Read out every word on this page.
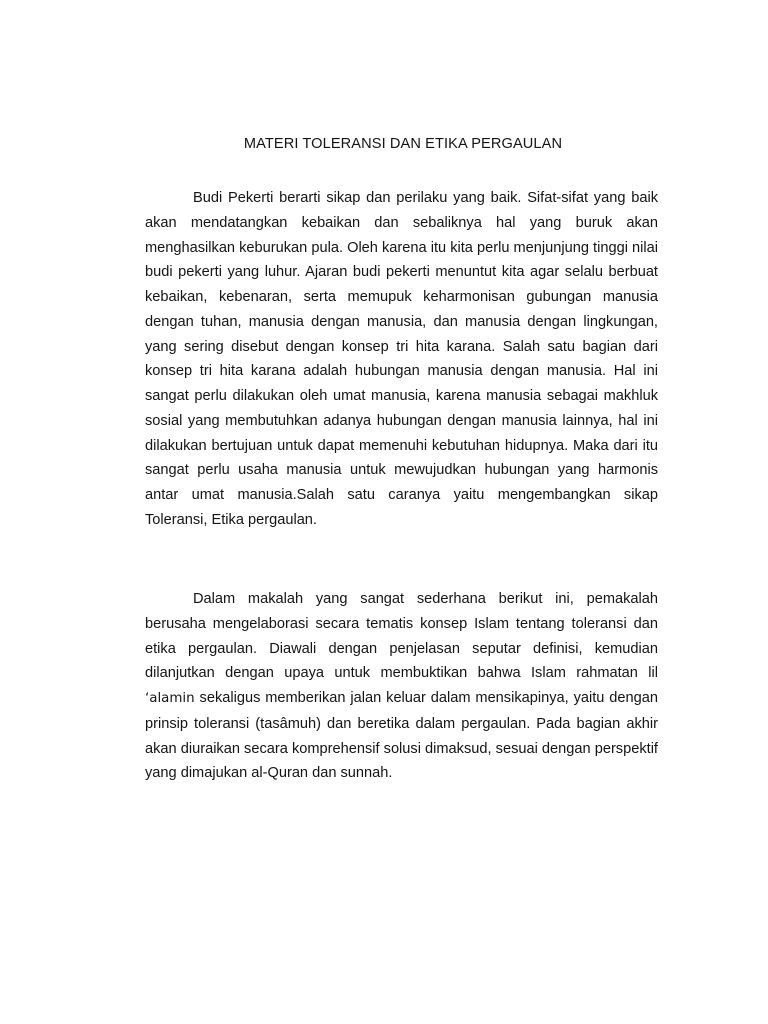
MATERI TOLERANSI DAN ETIKA PERGAULAN

Budi Pekerti berarti sikap dan perilaku yang baik. Sifat-sifat yang baik akan mendatangkan kebaikan dan sebaliknya hal yang buruk akan menghasilkan keburukan pula. Oleh karena itu kita perlu menjunjung tinggi nilai budi pekerti yang luhur. Ajaran budi pekerti menuntut kita agar selalu berbuat kebaikan, kebenaran, serta memupuk keharmonisan gubungan manusia dengan tuhan, manusia dengan manusia, dan manusia dengan lingkungan, yang sering disebut dengan konsep tri hita karana. Salah satu bagian dari konsep tri hita karana adalah hubungan manusia dengan manusia. Hal ini sangat perlu dilakukan oleh umat manusia, karena manusia sebagai makhluk sosial yang membutuhkan adanya hubungan dengan manusia lainnya, hal ini dilakukan bertujuan untuk dapat memenuhi kebutuhan hidupnya. Maka dari itu sangat perlu usaha manusia untuk mewujudkan hubungan yang harmonis antar umat manusia.Salah satu caranya yaitu mengembangkan sikap Toleransi, Etika pergaulan.

Dalam makalah yang sangat sederhana berikut ini, pemakalah berusaha mengelaborasi secara tematis konsep Islam tentang toleransi dan etika pergaulan. Diawali dengan penjelasan seputar definisi, kemudian dilanjutkan dengan upaya untuk membuktikan bahwa Islam rahmatan lil ʻalamin sekaligus memberikan jalan keluar dalam mensikapinya, yaitu dengan prinsip toleransi (tasâmuh) dan beretika dalam pergaulan. Pada bagian akhir akan diuraikan secara komprehensif solusi dimaksud, sesuai dengan perspektif yang dimajukan al-Quran dan sunnah.
